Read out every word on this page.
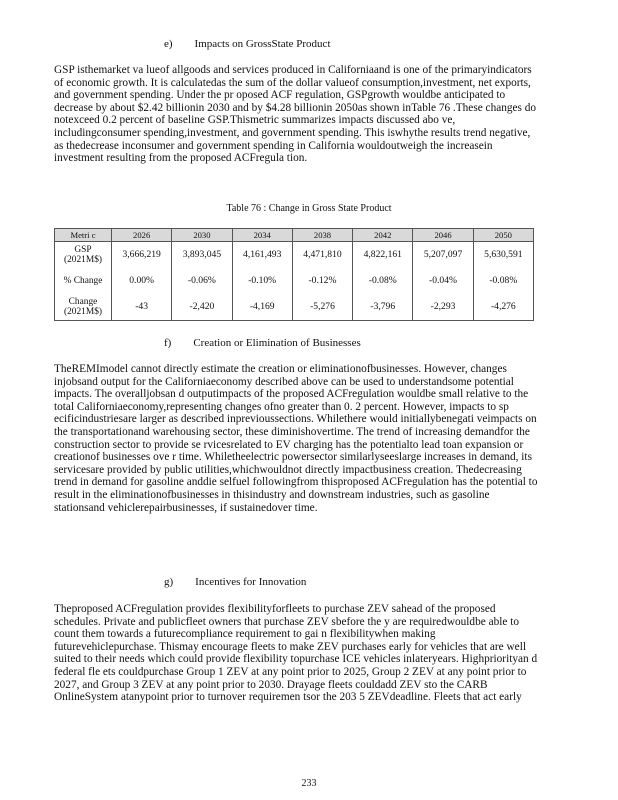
e) Impacts on GrossState Product

GSP isthemarket va lueof allgoods and services produced in Californiaand is one of the primaryindicators of economic growth. It is calculatedas the sum of the dollar valueof consumption,investment, net exports, and government spending. Under the pr oposed ACF regulation, GSPgrowth wouldbe anticipated to decrease by about $2.42 billionin 2030 and by $4.28 billionin 2050as shown inTable 76 .These changes do notexceed 0.2 percent of baseline GSP.Thismetric summarizes impacts discussed abo ve, includingconsumer spending,investment, and government spending. This iswhythe results trend negative, as thedecrease inconsumer and government spending in California wouldoutweigh the increasein investment resulting from the proposed ACFregula tion.

Table 76 : Change in Gross State Product
Metri c	2026	2030	2034	2038	2042	2046	2050
GSP (2021M$)	3,666,219	3,893,045	4,161,493	4,471,810	4,822,161	5,207,097	5,630,591
% Change	0.00%	-0.06%	-0.10%	-0.12%	-0.08%	-0.04%	-0.08%
Change (2021M$)	-43	-2,420	-4,169	-5,276	-3,796	-2,293	-4,276
f) Creation or Elimination of Businesses

TheREMImodel cannot directly estimate the creation or eliminationofbusinesses. However, changes injobsand output for the Californiaeconomy described above can be used to understandsome potential impacts. The overalljobsan d outputimpacts of the proposed ACFregulation wouldbe small relative to the total Californiaeconomy,representing changes ofno greater than 0. 2 percent. However, impacts to sp ecificindustriesare larger as described inprevioussections. Whilethere would initiallybenegati veimpacts on the transportationand warehousing sector, these diminishovertime. The trend of increasing demandfor the construction sector to provide se rvicesrelated to EV charging has the potentialto lead toan expansion or creationof businesses ove r time. Whiletheelectric powersector similarlyseeslarge increases in demand, its servicesare provided by public utilities,whichwouldnot directly impactbusiness creation. Thedecreasing trend in demand for gasoline anddie selfuel followingfrom thisproposed ACFregulation has the potential to result in the eliminationofbusinesses in thisindustry and downstream industries, such as gasoline stationsand vehiclerepairbusinesses, if sustainedover time.

g) Incentives for Innovation

Theproposed ACFregulation provides flexibilityforfleets to purchase ZEV sahead of the proposed schedules. Private and publicfleet owners that purchase ZEV sbefore the y are requiredwouldbe able to count them towards a futurecompliance requirement to gai n flexibilitywhen making futurevehiclepurchase. Thismay encourage fleets to make ZEV purchases early for vehicles that are well suited to their needs which could provide flexibility topurchase ICE vehicles inlateryears. Highpriorityan d federal fle ets couldpurchase Group 1 ZEV at any point prior to 2025, Group 2 ZEV at any point prior to 2027, and Group 3 ZEV at any point prior to 2030. Drayage fleets couldadd ZEV sto the CARB OnlineSystem atanypoint prior to turnover requiremen tsor the 203 5 ZEVdeadline. Fleets that act early

233
